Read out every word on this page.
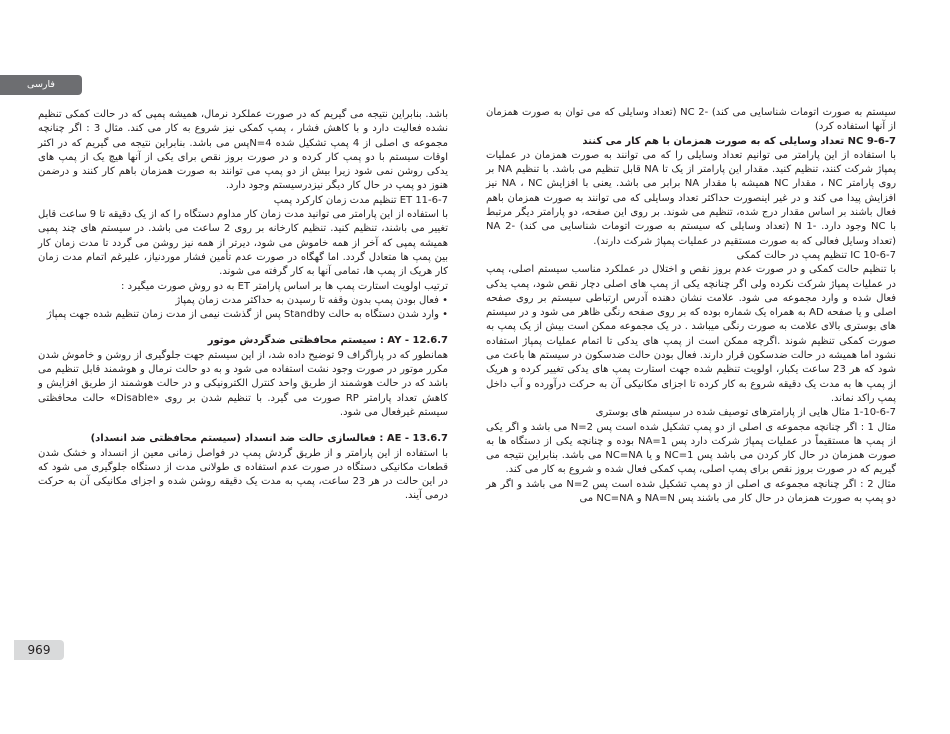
فارسی
969

سیستم به صورت اتومات شناسایی می کند) -NC 2 (تعداد وسایلی که می توان به صورت همزمان از آنها استفاده کرد)

NC 9-6-7 تعداد وسایلی که به صورت همزمان با هم کار می کنند

با استفاده از این پارامتر می توانیم تعداد وسایلی را که می توانند به صورت همزمان در عملیات پمپاژ شرکت کنند، تنظیم کنید. مقدار این پارامتر از یک تا NA قابل تنظیم می باشد. با تنظیم NA بر روی پارامتر NC ، مقدار NC همیشه با مقدار NA برابر می باشد. یعنی با افزایش NA ، NC نیز افزایش پیدا می کند و در غیر اینصورت حداکثر تعداد وسایلی که می توانند به صورت همزمان باهم فعال باشند بر اساس مقدار درج شده، تنظیم می شوند. بر روی این صفحه، دو پارامتر دیگر مرتبط با NC وجود دارد. -N 1 (تعداد وسایلی که سیستم به صورت اتومات شناسایی می کند) -NA 2 (تعداد وسایل فعالی که به صورت مستقیم در عملیات پمپاژ شرکت دارند).

IC 10-6-7 تنظیم پمپ در حالت کمکی

با تنظیم حالت کمکی و در صورت عدم بروز نقص و اختلال در عملکرد مناسب سیستم اصلی، پمپ در عملیات پمپاژ شرکت نکرده ولی اگر چنانچه یکی از پمپ های اصلی دچار نقص شود، پمپ یدکی فعال شده و وارد مجموعه می شود. علامت نشان دهنده آدرس ارتباطی سیستم بر روی صفحه اصلی و یا صفحه AD به همراه یک شماره بوده که بر روی صفحه رنگی ظاهر می شود و در سیستم های بوستری بالای علامت به صورت رنگی میباشد . در یک مجموعه ممکن است بیش از یک پمپ به صورت کمکی تنظیم شوند .اگرچه ممکن است از پمپ های یدکی تا اتمام عملیات پمپاژ استفاده نشود اما همیشه در حالت ضدسکون قرار دارند. فعال بودن حالت ضدسکون در سیستم ها باعث می شود که هر 23 ساعت یکبار، اولویت تنظیم شده جهت استارت پمپ های یدکی تغییر کرده و هریک از پمپ ها به مدت یک دقیقه شروع به کار کرده تا اجزای مکانیکی آن به حرکت درآورده و آب داخل پمپ راکد نماند.

1-10-6-7 مثال هایی از پارامترهای توصیف شده در سیستم های بوستری

مثال 1 : اگر چنانچه مجموعه ی اصلی از دو پمپ تشکیل شده است پس N=2 می باشد و اگر یکی از پمپ ها مستقیماً در عملیات پمپاژ شرکت دارد پس NA=1 بوده و چنانچه یکی از دستگاه ها به صورت همزمان در حال کار کردن می باشد پس NC=1 و یا NC=NA می باشد. بنابراین نتیجه می گیریم که در صورت بروز نقص برای پمپ اصلی، پمپ کمکی فعال شده و شروع به کار می کند.

مثال 2 : اگر چنانچه مجموعه ی اصلی از دو پمپ تشکیل شده است پس N=2 می باشد و اگر هر دو پمپ به صورت همزمان در حال کار می باشند پس NA=N و NC=NA می

باشد. بنابراین نتیجه می گیریم که در صورت عملکرد نرمال، همیشه پمپی که در حالت کمکی تنظیم نشده فعالیت دارد و با کاهش فشار ، پمپ کمکی نیز شروع به کار می کند. مثال 3 : اگر چنانچه مجموعه ی اصلی از 4 پمپ تشکیل شده N=4پس می باشد. بنابراین نتیجه می گیریم که در اکثر اوقات سیستم با دو پمپ کار کرده و در صورت بروز نقص برای یکی از آنها هیچ یک از پمپ های یدکی روشن نمی شود زیرا بیش از دو پمپ می توانند به صورت همزمان باهم کار کنند و درضمن هنوز دو پمپ در حال کار دیگر نیزدرسیستم وجود دارد.

ET 11-6-7 تنظیم مدت زمان کارکرد پمپ

با استفاده از این پارامتر می توانید مدت زمان کار مداوم دستگاه را که از یک دقیقه تا 9 ساعت قابل تغییر می باشند، تنظیم کنید. تنظیم کارخانه بر روی 2 ساعت می باشد. در سیستم های چند پمپی همیشه پمپی که آخر از همه خاموش می شود، دیرتر از همه نیز روشن می گردد تا مدت زمان کار بین پمپ ها متعادل گردد. اما گهگاه در صورت عدم تأمین فشار موردنیاز، علیرغم اتمام مدت زمان کار هریک از پمپ ها، تمامی آنها به کار گرفته می شوند.

ترتیب اولویت استارت پمپ ها بر اساس پارامتر ET به دو روش صورت میگیرد :

• فعال بودن پمپ بدون وقفه تا رسیدن به حداکثر مدت زمان پمپاژ

• وارد شدن دستگاه به حالت Standby پس از گذشت نیمی از مدت زمان تنظیم شده جهت پمپاژ

AY - 12.6.7 : سیستم محافظتی ضدگردش موتور

همانطور که در پاراگراف 9 توضیح داده شد، از این سیستم جهت جلوگیری از روشن و خاموش شدن مکرر موتور در صورت وجود نشت استفاده می شود و به دو حالت نرمال و هوشمند قابل تنظیم می باشد که در حالت هوشمند از طریق واحد کنترل الکترونیکی و در حالت هوشمند از طریق افزایش و کاهش تعداد پارامتر RP صورت می گیرد. با تنظیم شدن بر روی «Disable» حالت محافظتی سیستم غیرفعال می شود.

AE - 13.6.7 : فعالسازی حالت ضد انسداد (سیستم محافظتی ضد انسداد)

با استفاده از این پارامتر و از طریق گردش پمپ در فواصل زمانی معین از انسداد و خشک شدن قطعات مکانیکی دستگاه در صورت عدم استفاده ی طولانی مدت از دستگاه جلوگیری می شود که در این حالت در هر 23 ساعت، پمپ به مدت یک دقیقه روشن شده و اجزای مکانیکی آن به حرکت درمی آیند.
